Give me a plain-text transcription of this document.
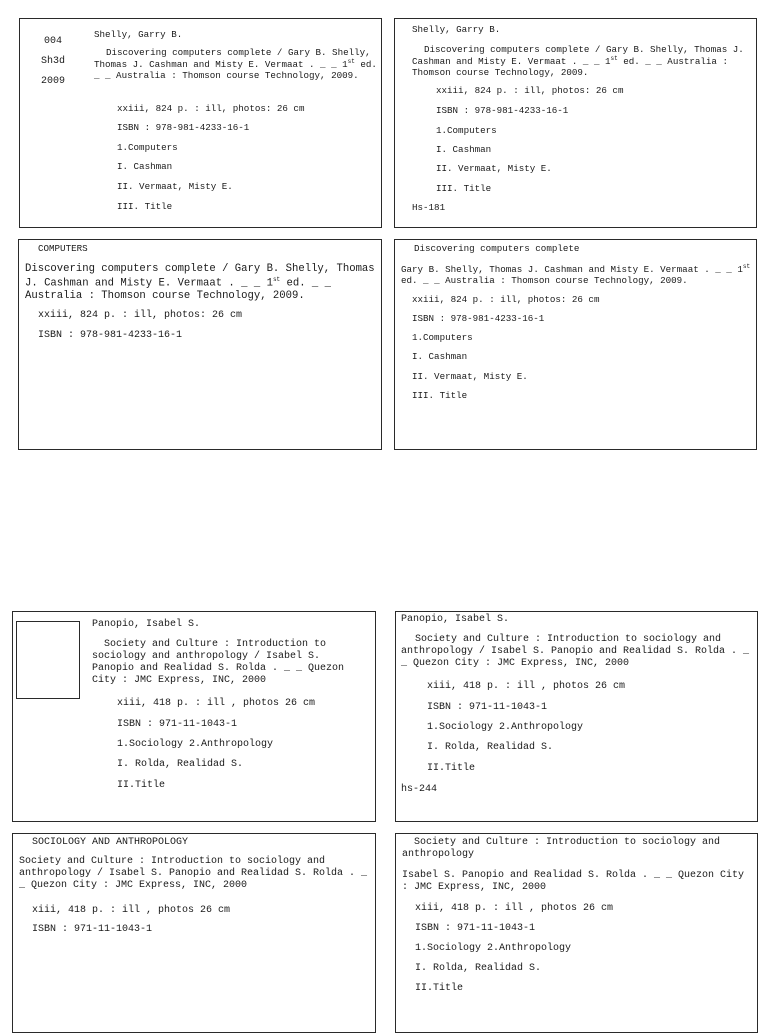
004
Sh3d
2009
Shelly, Garry B.
Discovering computers complete / Gary B. Shelly, Thomas J. Cashman and Misty E. Vermaat . _ _ 1st ed. _ _ Australia : Thomson course Technology, 2009.
xxiii, 824 p. : ill, photos: 26 cm
ISBN : 978-981-4233-16-1
1.Computers
I. Cashman
II. Vermaat, Misty E.
III. Title
Shelly, Garry B.
Discovering computers complete / Gary B. Shelly, Thomas J. Cashman and Misty E. Vermaat . _ _ 1st ed. _ _ Australia : Thomson course Technology, 2009.
xxiii, 824 p. : ill, photos: 26 cm
ISBN : 978-981-4233-16-1
1.Computers
I. Cashman
II. Vermaat, Misty E.
III. Title
Hs-181
COMPUTERS
Discovering computers complete / Gary B. Shelly, Thomas J. Cashman and Misty E. Vermaat . _ _ 1st ed. _ _ Australia : Thomson course Technology, 2009.
xxiii, 824 p. : ill, photos: 26 cm
ISBN : 978-981-4233-16-1
Discovering computers complete
Gary B. Shelly, Thomas J. Cashman and Misty E. Vermaat . _ _ 1st ed. _ _ Australia : Thomson course Technology, 2009.
xxiii, 824 p. : ill, photos: 26 cm
ISBN : 978-981-4233-16-1
1.Computers
I. Cashman
II. Vermaat, Misty E.
III. Title
Panopio, Isabel S.
Society and Culture : Introduction to sociology and anthropology / Isabel S. Panopio and Realidad S. Rolda . _ _ Quezon City : JMC Express, INC, 2000
xiii, 418 p. : ill , photos 26 cm
ISBN : 971-11-1043-1
1.Sociology 2.Anthropology
I. Rolda, Realidad S.
II.Title
Panopio, Isabel S.
Society and Culture : Introduction to sociology and anthropology / Isabel S. Panopio and Realidad S. Rolda . _ _ Quezon City : JMC Express, INC, 2000
xiii, 418 p. : ill , photos 26 cm
ISBN : 971-11-1043-1
1.Sociology 2.Anthropology
I. Rolda, Realidad S.
II.Title
hs-244
SOCIOLOGY AND ANTHROPOLOGY
Society and Culture : Introduction to sociology and anthropology / Isabel S. Panopio and Realidad S. Rolda . _ _ Quezon City : JMC Express, INC, 2000
xiii, 418 p. : ill , photos 26 cm
ISBN : 971-11-1043-1
Society and Culture : Introduction to sociology and anthropology
Isabel S. Panopio and Realidad S. Rolda . _ _ Quezon City : JMC Express, INC, 2000
xiii, 418 p. : ill , photos 26 cm
ISBN : 971-11-1043-1
1.Sociology 2.Anthropology
I. Rolda, Realidad S.
II.Title
